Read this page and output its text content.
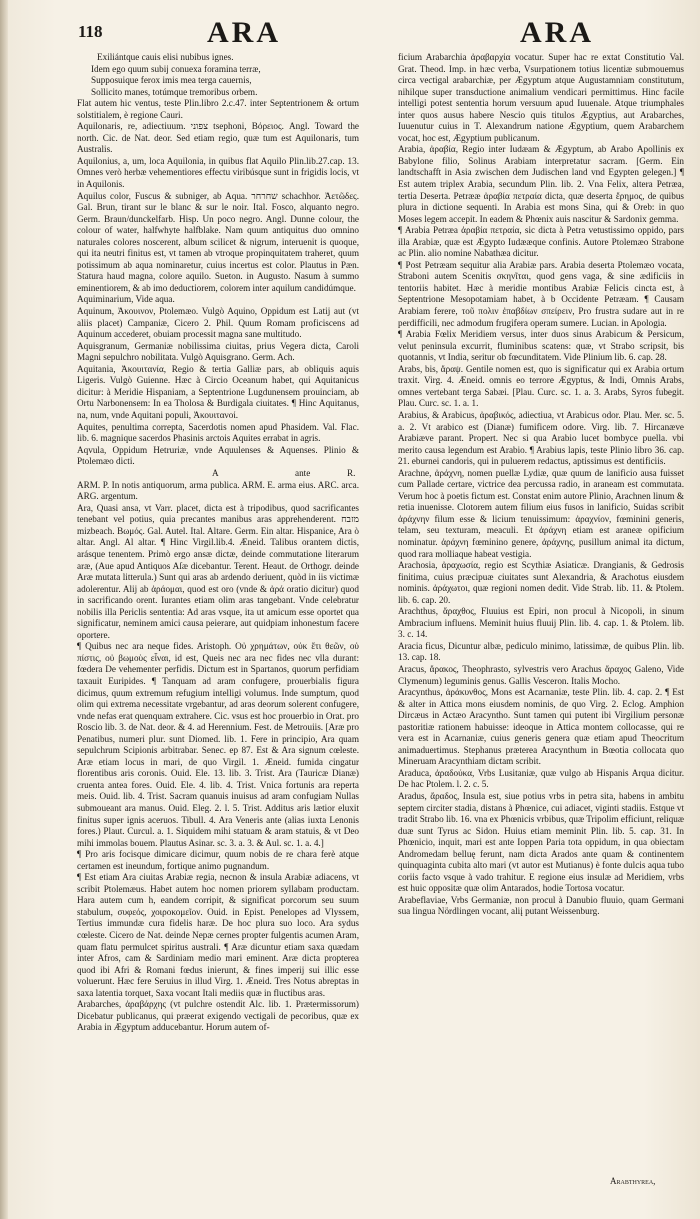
118	ARA	ARA

Exiliántque cauis elisi nubibus ignes.

Idem ego quum subij conuexa foramina terræ,

Supposuique ferox imis mea terga cauernis,

Sollicito manes, totúmque tremoribus orbem.

Flat autem hic ventus, teste Plin.libro 2.c.47. inter Septentrionem & ortum solstitialem, è regione Cauri.

Aquilonaris, re, adiectiuum. צפוני tsephoni, Βόρειος. Angl. Toward the north. Cic. de Nat. deor. Sed etiam regio, quæ tum est Aquilonaris, tum Australis.

Aquilonius, a, um, loca Aquilonia, in quibus flat Aquilo Plin.lib.27.cap. 13. Omnes verò herbæ vehementiores effectu viribúsque sunt in frigidis locis, vt in Aquilonis.

Aquilus color, Fuscus & subniger, ab Aqua. שחרחר schachhor. Ἀετῶδες. Gal. Brun, tirant sur le blanc & sur le noir. Ital. Fosco, alquanto negro. Germ. Braun/dunckelfarb. Hisp. Un poco negro. Angl. Dunne colour, the colour of water, halfwhyte halfblake. Nam quum antiquitus duo omnino naturales colores noscerent, album scilicet & nigrum, interuenit is quoque, qui ita neutri finitus est, vt tamen ab vtroque propinquitatem traheret, quum potissimum ab aqua nominaretur, cuius incertus est color. Plautus in Pæn. Statura haud magna, colore aquilo. Sueton. in Augusto. Nasum à summo eminentiorem, & ab imo deductiorem, colorem inter aquilum candidúmque.

Aquiminarium, Vide aqua.

Aquinum, Ἀκουινον, Ptolemæo. Vulgò Aquino, Oppidum est Latij aut (vt aliis placet) Campaniæ, Cicero 2. Phil. Quum Romam proficiscens ad Aquinum accederet, obuiam processit magna sane multitudo.

Aquisgranum, Germaniæ nobilissima ciuitas, prius Vegera dicta, Caroli Magni sepulchro nobilitata. Vulgò Aquisgrano. Germ. Ach.

Aquitania, Ἀκουιτανία, Regio & tertia Galliæ pars, ab obliquis aquis Ligeris. Vulgò Guienne. Hæc à Circio Oceanum habet, qui Aquitanicus dicitur: à Meridie Hispaniam, a Septentrione Lugdunensem prouinciam, ab Ortu Narbonensem: In ea Tholosa & Burdigala ciuitates. ¶ Hinc Aquitanus, na, num, vnde Aquitani populi, Ἀκουιτανοί.

Aquites, penultima correpta, Sacerdotis nomen apud Phasidem. Val. Flac. lib. 6. magnique sacerdos Phasinis arctois Aquites errabat in agris.

Aqvula, Oppidum Hetruriæ, vnde Aquulenses & Aquenses. Plinio & Ptolemæo dicti.

A	ante	R.

ARM. P. In notis antiquorum, arma publica. ARM. E. arma eius. ARC. arca. ARG. argentum.

Ara, Quasi ansa, vt Varr. placet, dicta est à tripodibus, quod sacrificantes tenebant vel potius, quia precantes manibus aras apprehenderent. מזבח mizbeach. Βωμός. Gal. Autel. Ital. Altare. Germ. Ein altar. Hispanice, Ara ò altar. Angl. Al altar. ¶ Hinc Virgil.lib.4. Æneid. Talibus orantem dictis, arásque tenentem. Primò ergo ansæ dictæ, deinde commutatione literarum aræ, (Aue apud Antiquos Aſæ dicebantur. Terent. Heaut. de Orthogr. deinde Aræ mutata litterula.) Sunt qui aras ab ardendo deriuent, quòd in iis victimæ adolerentur. Alij ab ἀράομαι, quod est oro (vnde & ἀρά oratio dicitur) quod in sacrificando orent. Iurantes etiam olim aras tangebant. Vnde celebratur nobilis illa Periclis sententia: Ad aras vsque, ita ut amicum esse oportet qua significatur, neminem amici causa peierare, aut quidpiam inhonestum facere oportere.

¶ Quibus nec ara neque fides. Aristoph. Οὐ χρημάτων, οὐκ ἔτι θεῶν, οὐ πίστις, οὐ βωμοὺς εἶναι, id est, Queis nec ara nec fides nec vlla durant: fœdera De vehementer perfidis. Dictum est in Spartanos, quorum perfidiam taxauit Euripides. ¶ Tanquam ad aram confugere, prouerbialis figura dicimus, quum extremum refugium intelligi volumus. Inde sumptum, quod olim qui extrema necessitate vrgebantur, ad aras deorum solerent confugere, vnde nefas erat quenquam extrahere. Cic. vsus est hoc prouerbio in Orat. pro Roscio lib. 3. de Nat. deor. & 4. ad Herennium. Fest. de Metrouiis. [Aræ pro Penatibus, numeri plur. sunt Diomed. lib. 1. Fere in principio, Ara quam sepulchrum Scipionis arbitrabar. Senec. ep 87. Est & Ara signum cœleste. Aræ etiam locus in mari, de quo Virgil. 1. Æneid. fumida cingatur florentibus aris coronis. Ouid. Ele. 13. lib. 3. Trist. Ara (Tauricæ Dianæ) cruenta antea fores. Ouid. Ele. 4. lib. 4. Trist. Vnica fortunis ara reperta meis. Ouid. lib. 4. Trist. Sacram quanuis inuisus ad aram confugiam Nullas submoueant ara manus. Ouid. Eleg. 2. l. 5. Trist. Additus aris lætior eluxit finitus super ignis aceruos. Tibull. 4. Ara Veneris ante (alias iuxta Lenonis fores.) Plaut. Curcul. a. 1. Siquidem mihi statuam & aram statuis, & vt Deo mihi immolas bouem. Plautus Asinar. sc. 3. a. 3. & Aul. sc. 1. a. 4.]

¶ Pro aris focisque dimicare dicimur, quum nobis de re chara ferè atque certamen est ineundum, fortique animo pugnandum.

¶ Est etiam Ara ciuitas Arabiæ regia, necnon & insula Arabiæ adiacens, vt scribit Ptolemæus. Habet autem hoc nomen priorem syllabam productam. Hara autem cum h, eandem corripit, & significat porcorum seu suum stabulum, συφεός, χοιροκομεῖον. Ouid. in Epist. Penelopes ad Vlyssem, Tertius immundæ cura fidelis haræ. De hoc plura suo loco. Ara sydus cœleste. Cicero de Nat. deinde Nepæ cernes propter fulgentis acumen Aram, quam flatu permulcet spiritus australi. ¶ Aræ dicuntur etiam saxa quædam inter Afros, cam & Sardiniam medio mari eminent. Aræ dicta propterea quod ibi Afri & Romani fœdus inierunt, & fines imperij sui illic esse voluerunt. Hæc fere Seruius in illud Virg. 1. Æneid. Tres Notus abreptas in saxa latentia torquet, Saxa vocant Itali mediis quæ in fluctibus aras.

Arabarches, ἀραβάρχης (vt pulchre ostendit Alc. lib. 1. Prætermissorum) Dicebatur publicanus, qui præerat exigendo vectigali de pecoribus, quæ ex Arabia in Ægyptum adducebantur. Horum autem of-

ficium Arabarchia ἀραβαρχία vocatur. Super hac re extat Constitutio Val. Grat. Theod. Imp. in hæc verba, Vsurpationem totius licentiæ submouemus circa vectigal arabarchiæ, per Ægyptum atque Augustamniam constitutum, nihilque super transductione animalium vendicari permittimus. Hinc facile intelligi potest sententia horum versuum apud Iuuenale. Atque triumphales inter quos ausus habere Nescio quis titulos Ægyptius, aut Arabarches, Iuuenutur cuius in T. Alexandrum natione Ægyptium, quem Arabarchem vocat, hoc est, Ægyptium publicanum.

Arabia, ἀραβία, Regio inter Iudæam & Ægyptum, ab Arabo Apollinis ex Babylone filio, Solinus Arabiam interpretatur sacram. [Germ. Ein landtschafft in Asia zwischen dem Judischen land vnd Egypten gelegen.] ¶ Est autem triplex Arabia, secundum Plin. lib. 2. Vna Felix, altera Petræa, tertia Deserta. Petrææ ἀραβία πετραία dicta, quæ deserta ἔρημος, de quibus plura in dictione sequenti. In Arabia est mons Sina, qui & Oreb: in quo Moses legem accepit. In eadem & Phœnix auis nascitur & Sardonix gemma.

¶ Arabia Petræa ἀραβία πετραία, sic dicta à Petra vetustissimo oppido, pars illa Arabiæ, quæ est Ægypto Iudææque confinis. Autore Ptolemæo Strabone ac Plin. alio nomine Nabathæa dicitur.

¶ Post Petræam sequitur alia Arabiæ pars. Arabia deserta Ptolemæo vocata, Straboni autem Scenitis σκηνῖται, quod gens vaga, & sine ædificiis in tentoriis habitet. Hæc à meridie montibus Arabiæ Felicis cincta est, à Septentrione Mesopotamiam habet, à b Occidente Petræam. ¶ Causam Arabiam ferere, τοῦ πολιν ἐπαβδίων σπείρειν, Pro frustra sudare aut in re perdifficili, nec admodum frugifera operam sumere. Lucian. in Apologia.

¶ Arabia Fœlix Meridiem versus, inter duos sinus Arabicum & Persicum, velut peninsula excurrit, fluminibus scatens: quæ, vt Strabo scripsit, bis quotannis, vt India, seritur ob fœcunditatem. Vide Plinium lib. 6. cap. 28.

Arabs, bis, ἄραψ. Gentile nomen est, quo is significatur qui ex Arabia ortum traxit. Virg. 4. Æneid. omnis eo terrore Ægyptus, & Indi, Omnis Arabs, omnes vertebant terga Sabæi. [Plau. Curc. sc. 1. a. 3. Arabs, Syros fubegit. Plau. Curc. sc. 1. a. 1.

Arabius, & Arabicus, ἀραβικός, adiectiua, vt Arabicus odor. Plau. Mer. sc. 5. a. 2. Vt arabico est (Dianæ) fumificem odore. Virg. lib. 7. Hircanæve Arabiæve parant. Propert. Nec si qua Arabio lucet bombyce puella. vbi merito causa legendum est Arabio. ¶ Arabius lapis, teste Plinio libro 36. cap. 21. eburnei candoris, qui in puluerem redactus, aptissimus est dentificiis.

Arachne, ἀράχνη, nomen puellæ Lydiæ, quæ quum de lanificio ausa fuisset cum Pallade certare, victrice dea percussa radio, in araneam est commutata. Verum hoc à poetis fictum est. Constat enim autore Plinio, Arachnen linum & retia inuenisse. Clotorem autem filium eius fusos in lanificio, Suidas scribit ἀράχνην filum esse & licium tenuissimum: ἀραχνίον, fœminini generis, telam, seu texturam, meaculi. Et ἀράχνη etiam est araneæ opificium nominatur. ἀράχνη fœminino genere, ἀράχνης, pusillum animal ita dictum, quod rara molliaque habeat vestigia.

Arachosia, ἀραχωσία, regio est Scythiæ Asiaticæ. Drangianis, & Gedrosis finitima, cuius præcipuæ ciuitates sunt Alexandria, & Arachotus eiusdem nominis. ἀράχωτοι, quæ regioni nomen dedit. Vide Strab. lib. 11. & Ptolem. lib. 6. cap. 20.

Arachthus, ἄραχθος, Fluuius est Epiri, non procul à Nicopoli, in sinum Ambracium influens. Meminit huius fluuij Plin. lib. 4. cap. 1. & Ptolem. lib. 3. c. 14.

Aracia ficus, Dicuntur albæ, pediculo minimo, latissimæ, de quibus Plin. lib. 13. cap. 18.

Aracus, ἄρακος, Theophrasto, sylvestris vero Arachus ἄραχος Galeno, Vide Clymenum) leguminis genus. Gallis Vesceron. Italis Mocho.

Aracynthus, ἀράκυνθος, Mons est Acarnaniæ, teste Plin. lib. 4. cap. 2. ¶ Est & alter in Attica mons eiusdem nominis, de quo Virg. 2. Eclog. Amphion Dircæus in Actæo Aracyntho. Sunt tamen qui putent ibi Virgilium personæ pastoritiæ rationem habuisse: ideoque in Attica montem collocasse, qui re vera est in Acarnaniæ, cuius generis genera quæ etiam apud Theocritum animaduertimus. Stephanus præterea Aracynthum in Bœotia collocata quo Mineruam Aracynthiam dictam scribit.

Araduca, ἀραδούκα, Vrbs Lusitaniæ, quæ vulgo ab Hispanis Arqua dicitur. De hac Ptolem. l. 2. c. 5.

Aradus, ἄραδος, Insula est, siue potius vrbs in petra sita, habens in ambitu septem circiter stadia, distans à Phœnice, cui adiacet, viginti stadiis. Estque vt tradit Strabo lib. 16. vna ex Phœnicis vrbibus, quæ Tripolim efficiunt, reliquæ duæ sunt Tyrus ac Sidon. Huius etiam meminit Plin. lib. 5. cap. 31. In Phœnicio, inquit, mari est ante Ioppen Paria tota oppidum, in qua obiectam Andromedam belluę ferunt, nam dicta Arados ante quam & continentem quinquaginta cubita alto mari (vt autor est Mutianus) è fonte dulcis aqua tubo coriis facto vsque à vado trahitur. E regione eius insulæ ad Meridiem, vrbs est huic oppositæ quæ olim Antarados, hodie Tortosa vocatur.

Arabeflaviae, Vrbs Germaniæ, non procul à Danubio fluuio, quam Germani sua lingua Nördlingen vocant, aliį putant Weissenburg.

Arabthyrea,
